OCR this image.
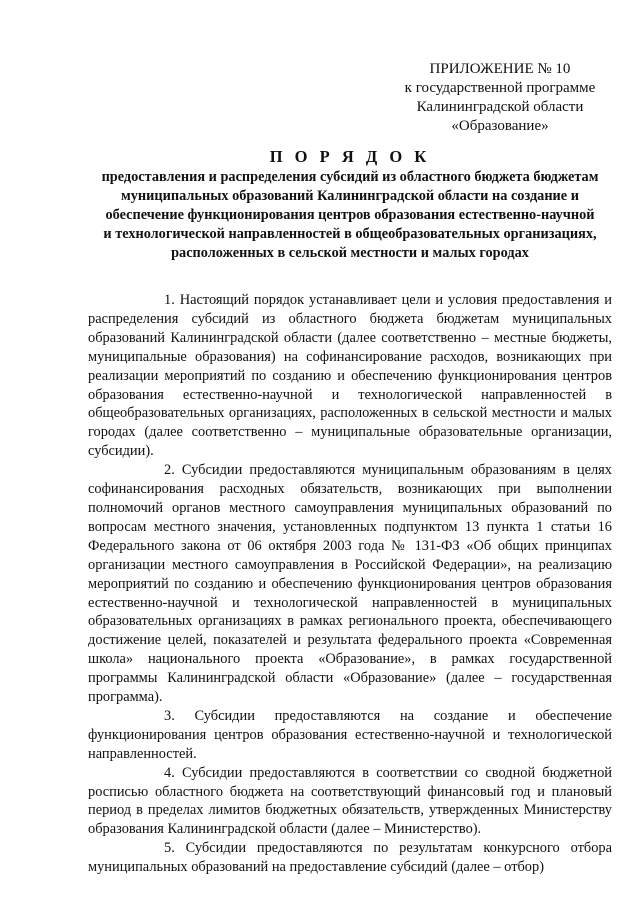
ПРИЛОЖЕНИЕ № 10
к государственной программе
Калининградской области
«Образование»
П О Р Я Д О К
предоставления и распределения субсидий из областного бюджета бюджетам муниципальных образований Калининградской области на создание и обеспечение функционирования центров образования естественно-научной и технологической направленностей в общеобразовательных организациях, расположенных в сельской местности и малых городах

1. Настоящий порядок устанавливает цели и условия предоставления и распределения субсидий из областного бюджета бюджетам муниципальных образований Калининградской области (далее соответственно – местные бюджеты, муниципальные образования) на софинансирование расходов, возникающих при реализации мероприятий по созданию и обеспечению функционирования центров образования естественно-научной и технологической направленностей в общеобразовательных организациях, расположенных в сельской местности и малых городах (далее соответственно – муниципальные образовательные организации, субсидии).

2. Субсидии предоставляются муниципальным образованиям в целях софинансирования расходных обязательств, возникающих при выполнении полномочий органов местного самоуправления муниципальных образований по вопросам местного значения, установленных подпунктом 13 пункта 1 статьи 16 Федерального закона от 06 октября 2003 года № 131-ФЗ «Об общих принципах организации местного самоуправления в Российской Федерации», на реализацию мероприятий по созданию и обеспечению функционирования центров образования естественно-научной и технологической направленностей в муниципальных образовательных организациях в рамках регионального проекта, обеспечивающего достижение целей, показателей и результата федерального проекта «Современная школа» национального проекта «Образование», в рамках государственной программы Калининградской области «Образование» (далее – государственная программа).

3. Субсидии предоставляются на создание и обеспечение функционирования центров образования естественно-научной и технологической направленностей.

4. Субсидии предоставляются в соответствии со сводной бюджетной росписью областного бюджета на соответствующий финансовый год и плановый период в пределах лимитов бюджетных обязательств, утвержденных Министерству образования Калининградской области (далее – Министерство).

5. Субсидии предоставляются по результатам конкурсного отбора муниципальных образований на предоставление субсидий (далее – отбор)
